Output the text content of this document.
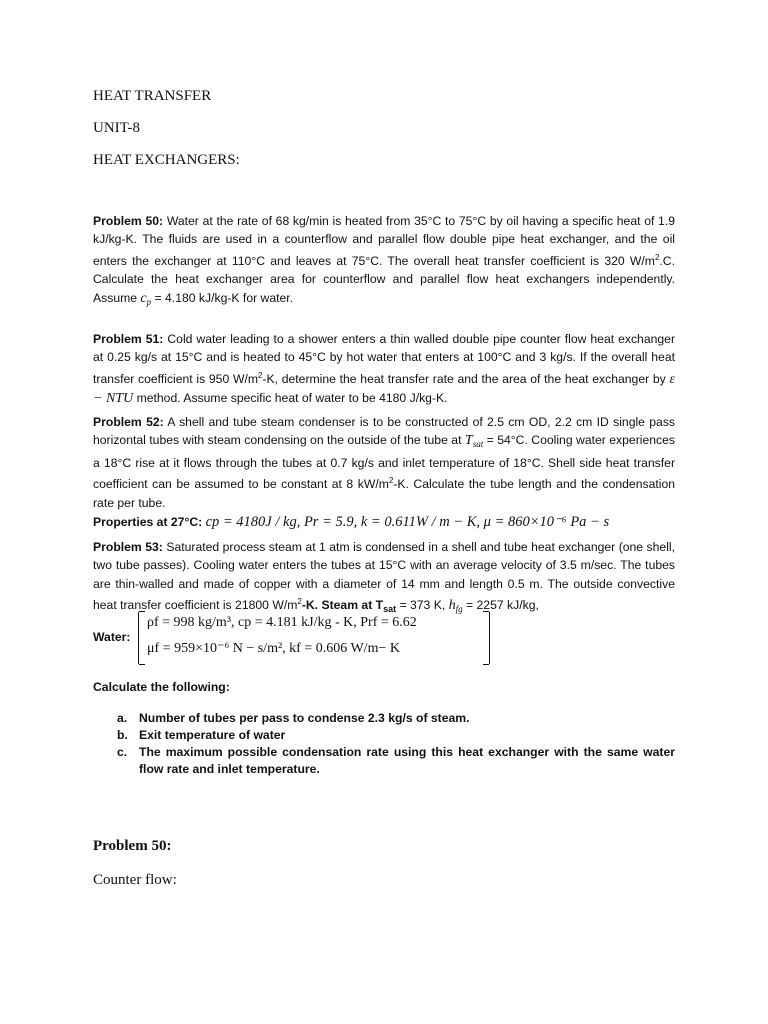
HEAT TRANSFER
UNIT-8
HEAT EXCHANGERS:
Problem 50: Water at the rate of 68 kg/min is heated from 35°C to 75°C by oil having a specific heat of 1.9 kJ/kg-K. The fluids are used in a counterflow and parallel flow double pipe heat exchanger, and the oil enters the exchanger at 110°C and leaves at 75°C. The overall heat transfer coefficient is 320 $W/m^2.C$. Calculate the heat exchanger area for counterflow and parallel flow heat exchangers independently. Assume $c_p = 4.180$ kJ/kg-K for water.
Problem 51: Cold water leading to a shower enters a thin walled double pipe counter flow heat exchanger at 0.25 kg/s at 15°C and is heated to 45°C by hot water that enters at 100°C and 3 kg/s. If the overall heat transfer coefficient is 950 $W/m^2-K$, determine the heat transfer rate and the area of the heat exchanger by ε − NTU method. Assume specific heat of water to be 4180 J/kg-K.
Problem 52: A shell and tube steam condenser is to be constructed of 2.5 cm OD, 2.2 cm ID single pass horizontal tubes with steam condensing on the outside of the tube at $T_{sat} = 54^\circ C$. Cooling water experiences a 18°C rise at it flows through the tubes at 0.7 kg/s and inlet temperature of 18°C. Shell side heat transfer coefficient can be assumed to be constant at 8 $kW/m^2-K$. Calculate the tube length and the condensation rate per tube.
Properties at 27°C: cp = 4180J / kg, Pr = 5.9, k = 0.611W / m − K, μ = 860×10⁻⁶ Pa − s
Problem 53: Saturated process steam at 1 atm is condensed in a shell and tube heat exchanger (one shell, two tube passes). Cooling water enters the tubes at 15°C with an average velocity of 3.5 m/sec. The tubes are thin-walled and made of copper with a diameter of 14 mm and length 0.5 m. The outside convective heat transfer coefficient is 21800 $W/m^2-K$. Steam at $T_{sat} = 373$ K, $h_{fg} = 2257$ kJ/kg,
Water:
ρf = 998 kg/m³, cp = 4.181 kJ/kg - K, Prf = 6.62
μf = 959×10⁻⁶ N − s/m², kf = 0.606 W/m− K
Calculate the following:
a. Number of tubes per pass to condense 2.3 kg/s of steam.
b. Exit temperature of water
c. The maximum possible condensation rate using this heat exchanger with the same water flow rate and inlet temperature.
Problem 50:
Counter flow:
